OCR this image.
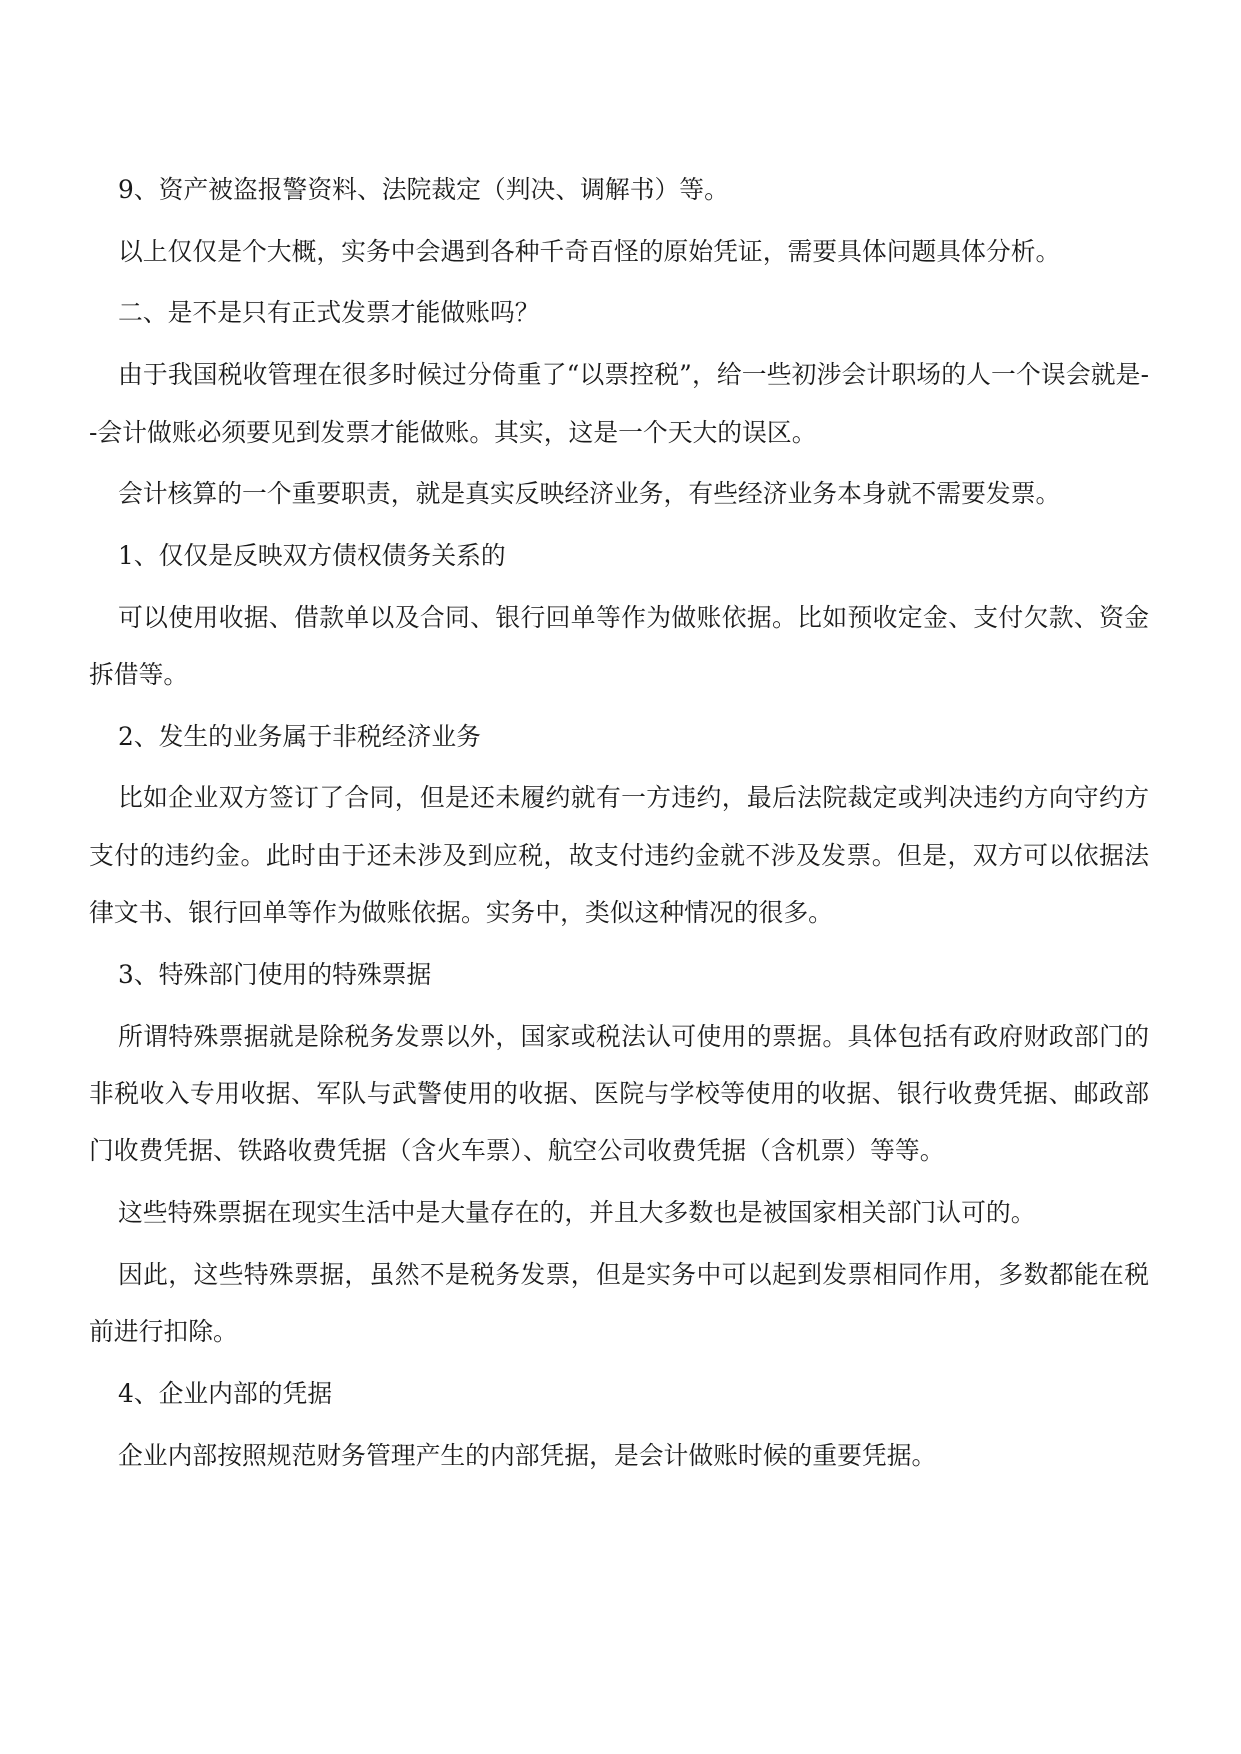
9、资产被盗报警资料、法院裁定（判决、调解书）等。

以上仅仅是个大概，实务中会遇到各种千奇百怪的原始凭证，需要具体问题具体分析。

二、是不是只有正式发票才能做账吗？

由于我国税收管理在很多时候过分倚重了“以票控税”，给一些初涉会计职场的人一个误会就是--会计做账必须要见到发票才能做账。其实，这是一个天大的误区。

会计核算的一个重要职责，就是真实反映经济业务，有些经济业务本身就不需要发票。

1、仅仅是反映双方债权债务关系的

可以使用收据、借款单以及合同、银行回单等作为做账依据。比如预收定金、支付欠款、资金拆借等。

2、发生的业务属于非税经济业务

比如企业双方签订了合同，但是还未履约就有一方违约，最后法院裁定或判决违约方向守约方支付的违约金。此时由于还未涉及到应税，故支付违约金就不涉及发票。但是，双方可以依据法律文书、银行回单等作为做账依据。实务中，类似这种情况的很多。

3、特殊部门使用的特殊票据

所谓特殊票据就是除税务发票以外，国家或税法认可使用的票据。具体包括有政府财政部门的非税收入专用收据、军队与武警使用的收据、医院与学校等使用的收据、银行收费凭据、邮政部门收费凭据、铁路收费凭据（含火车票）、航空公司收费凭据（含机票）等等。

这些特殊票据在现实生活中是大量存在的，并且大多数也是被国家相关部门认可的。

因此，这些特殊票据，虽然不是税务发票，但是实务中可以起到发票相同作用，多数都能在税前进行扣除。

4、企业内部的凭据

企业内部按照规范财务管理产生的内部凭据，是会计做账时候的重要凭据。
